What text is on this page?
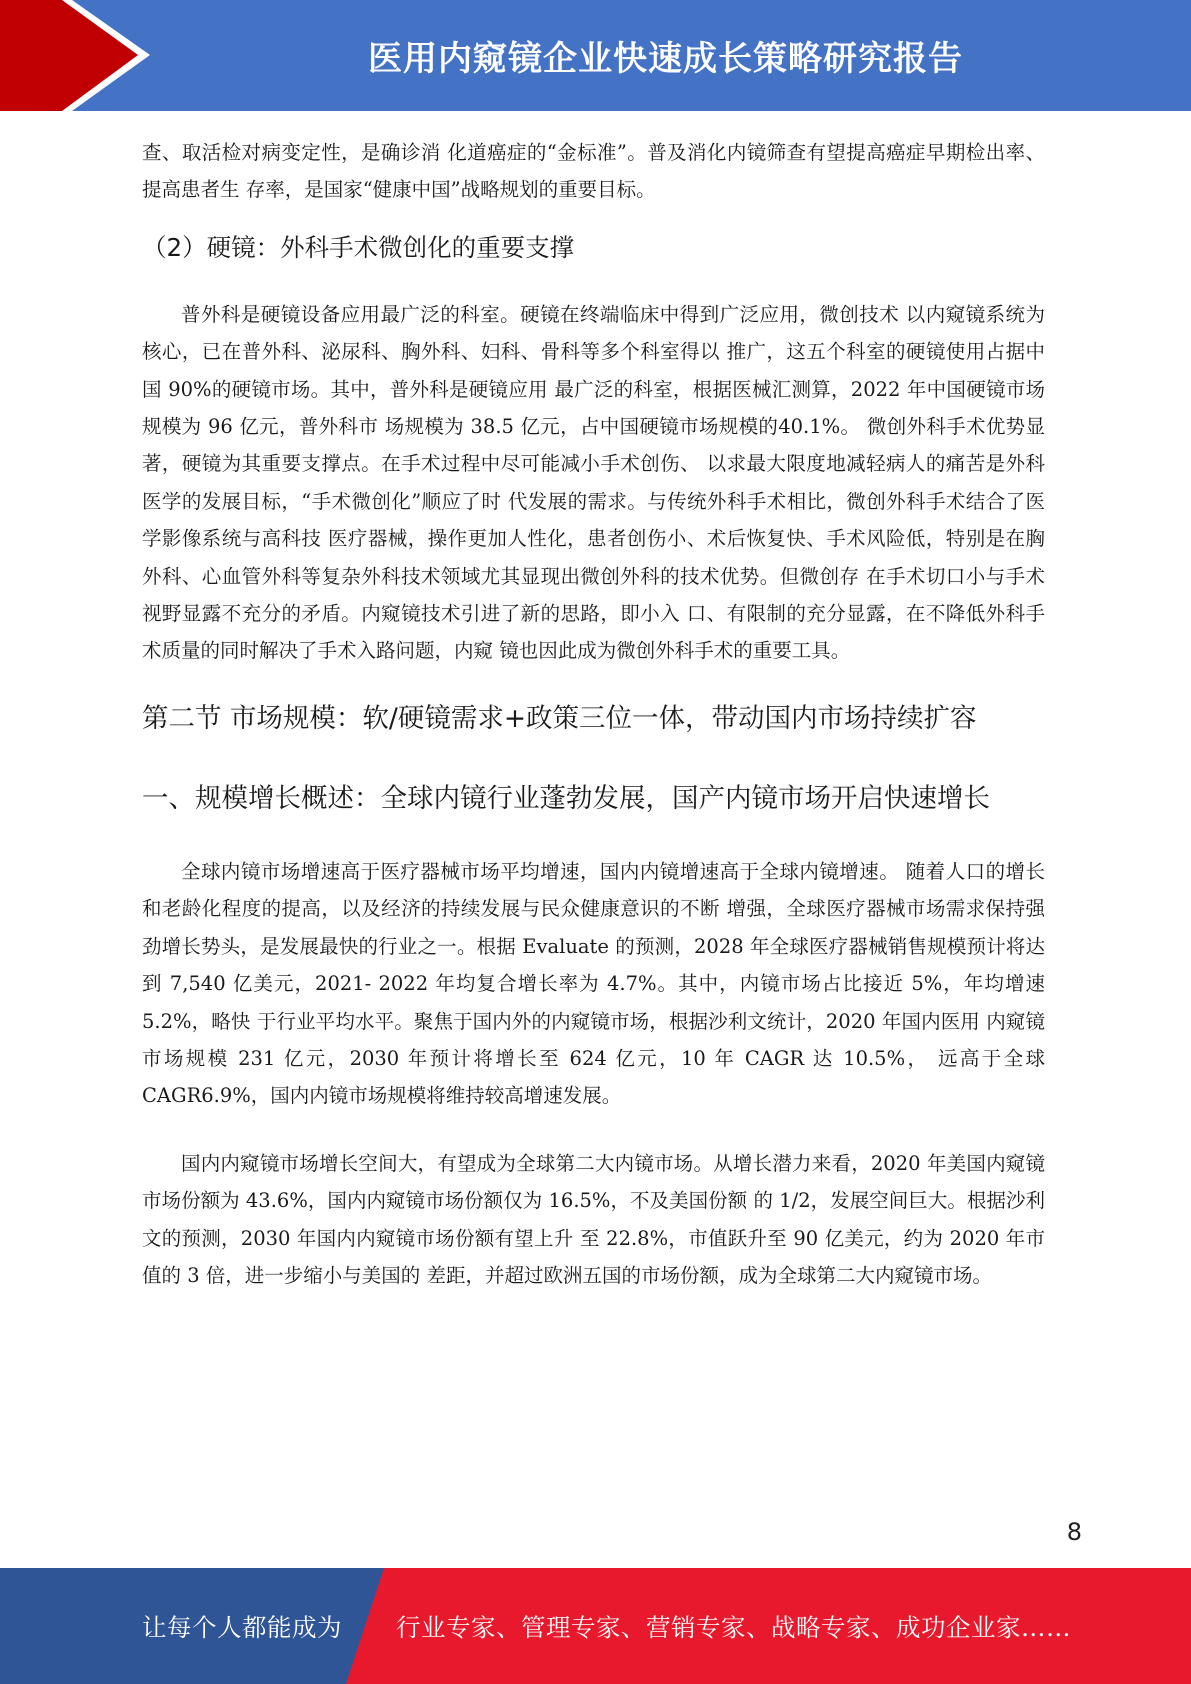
医用内窥镜企业快速成长策略研究报告

查、取活检对病变定性，是确诊消 化道癌症的“金标准”。普及消化内镜筛查有望提高癌症早期检出率、提高患者生 存率，是国家“健康中国”战略规划的重要目标。

（2）硬镜：外科手术微创化的重要支撑

普外科是硬镜设备应用最广泛的科室。硬镜在终端临床中得到广泛应用，微创技术 以内窥镜系统为核心，已在普外科、泌尿科、胸外科、妇科、骨科等多个科室得以 推广，这五个科室的硬镜使用占据中国 90%的硬镜市场。其中，普外科是硬镜应用 最广泛的科室，根据医械汇测算，2022 年中国硬镜市场规模为 96 亿元，普外科市 场规模为 38.5 亿元，占中国硬镜市场规模的40.1%。 微创外科手术优势显著，硬镜为其重要支撑点。在手术过程中尽可能减小手术创伤、 以求最大限度地减轻病人的痛苦是外科医学的发展目标，“手术微创化”顺应了时 代发展的需求。与传统外科手术相比，微创外科手术结合了医学影像系统与高科技 医疗器械，操作更加人性化，患者创伤小、术后恢复快、手术风险低，特别是在胸 外科、心血管外科等复杂外科技术领域尤其显现出微创外科的技术优势。但微创存 在手术切口小与手术视野显露不充分的矛盾。内窥镜技术引进了新的思路，即小入 口、有限制的充分显露，在不降低外科手术质量的同时解决了手术入路问题，内窥 镜也因此成为微创外科手术的重要工具。

第二节 市场规模：软/硬镜需求+政策三位一体，带动国内市场持续扩容
一、规模增长概述：全球内镜行业蓬勃发展，国产内镜市场开启快速增长

全球内镜市场增速高于医疗器械市场平均增速，国内内镜增速高于全球内镜增速。 随着人口的增长和老龄化程度的提高，以及经济的持续发展与民众健康意识的不断 增强，全球医疗器械市场需求保持强劲增长势头，是发展最快的行业之一。根据 Evaluate 的预测，2028 年全球医疗器械销售规模预计将达到 7,540 亿美元，2021- 2022 年均复合增长率为 4.7%。其中，内镜市场占比接近 5%，年均增速 5.2%，略快 于行业平均水平。聚焦于国内外的内窥镜市场，根据沙利文统计，2020 年国内医用 内窥镜市场规模 231 亿元，2030 年预计将增长至 624 亿元，10 年 CAGR 达 10.5%， 远高于全球 CAGR6.9%，国内内镜市场规模将维持较高增速发展。

国内内窥镜市场增长空间大，有望成为全球第二大内镜市场。从增长潜力来看，2020 年美国内窥镜市场份额为 43.6%，国内内窥镜市场份额仅为 16.5%，不及美国份额 的 1/2，发展空间巨大。根据沙利文的预测，2030 年国内内窥镜市场份额有望上升 至 22.8%，市值跃升至 90 亿美元，约为 2020 年市值的 3 倍，进一步缩小与美国的 差距，并超过欧洲五国的市场份额，成为全球第二大内窥镜市场。

8
让每个人都能成为 行业专家、管理专家、营销专家、战略专家、成功企业家……
